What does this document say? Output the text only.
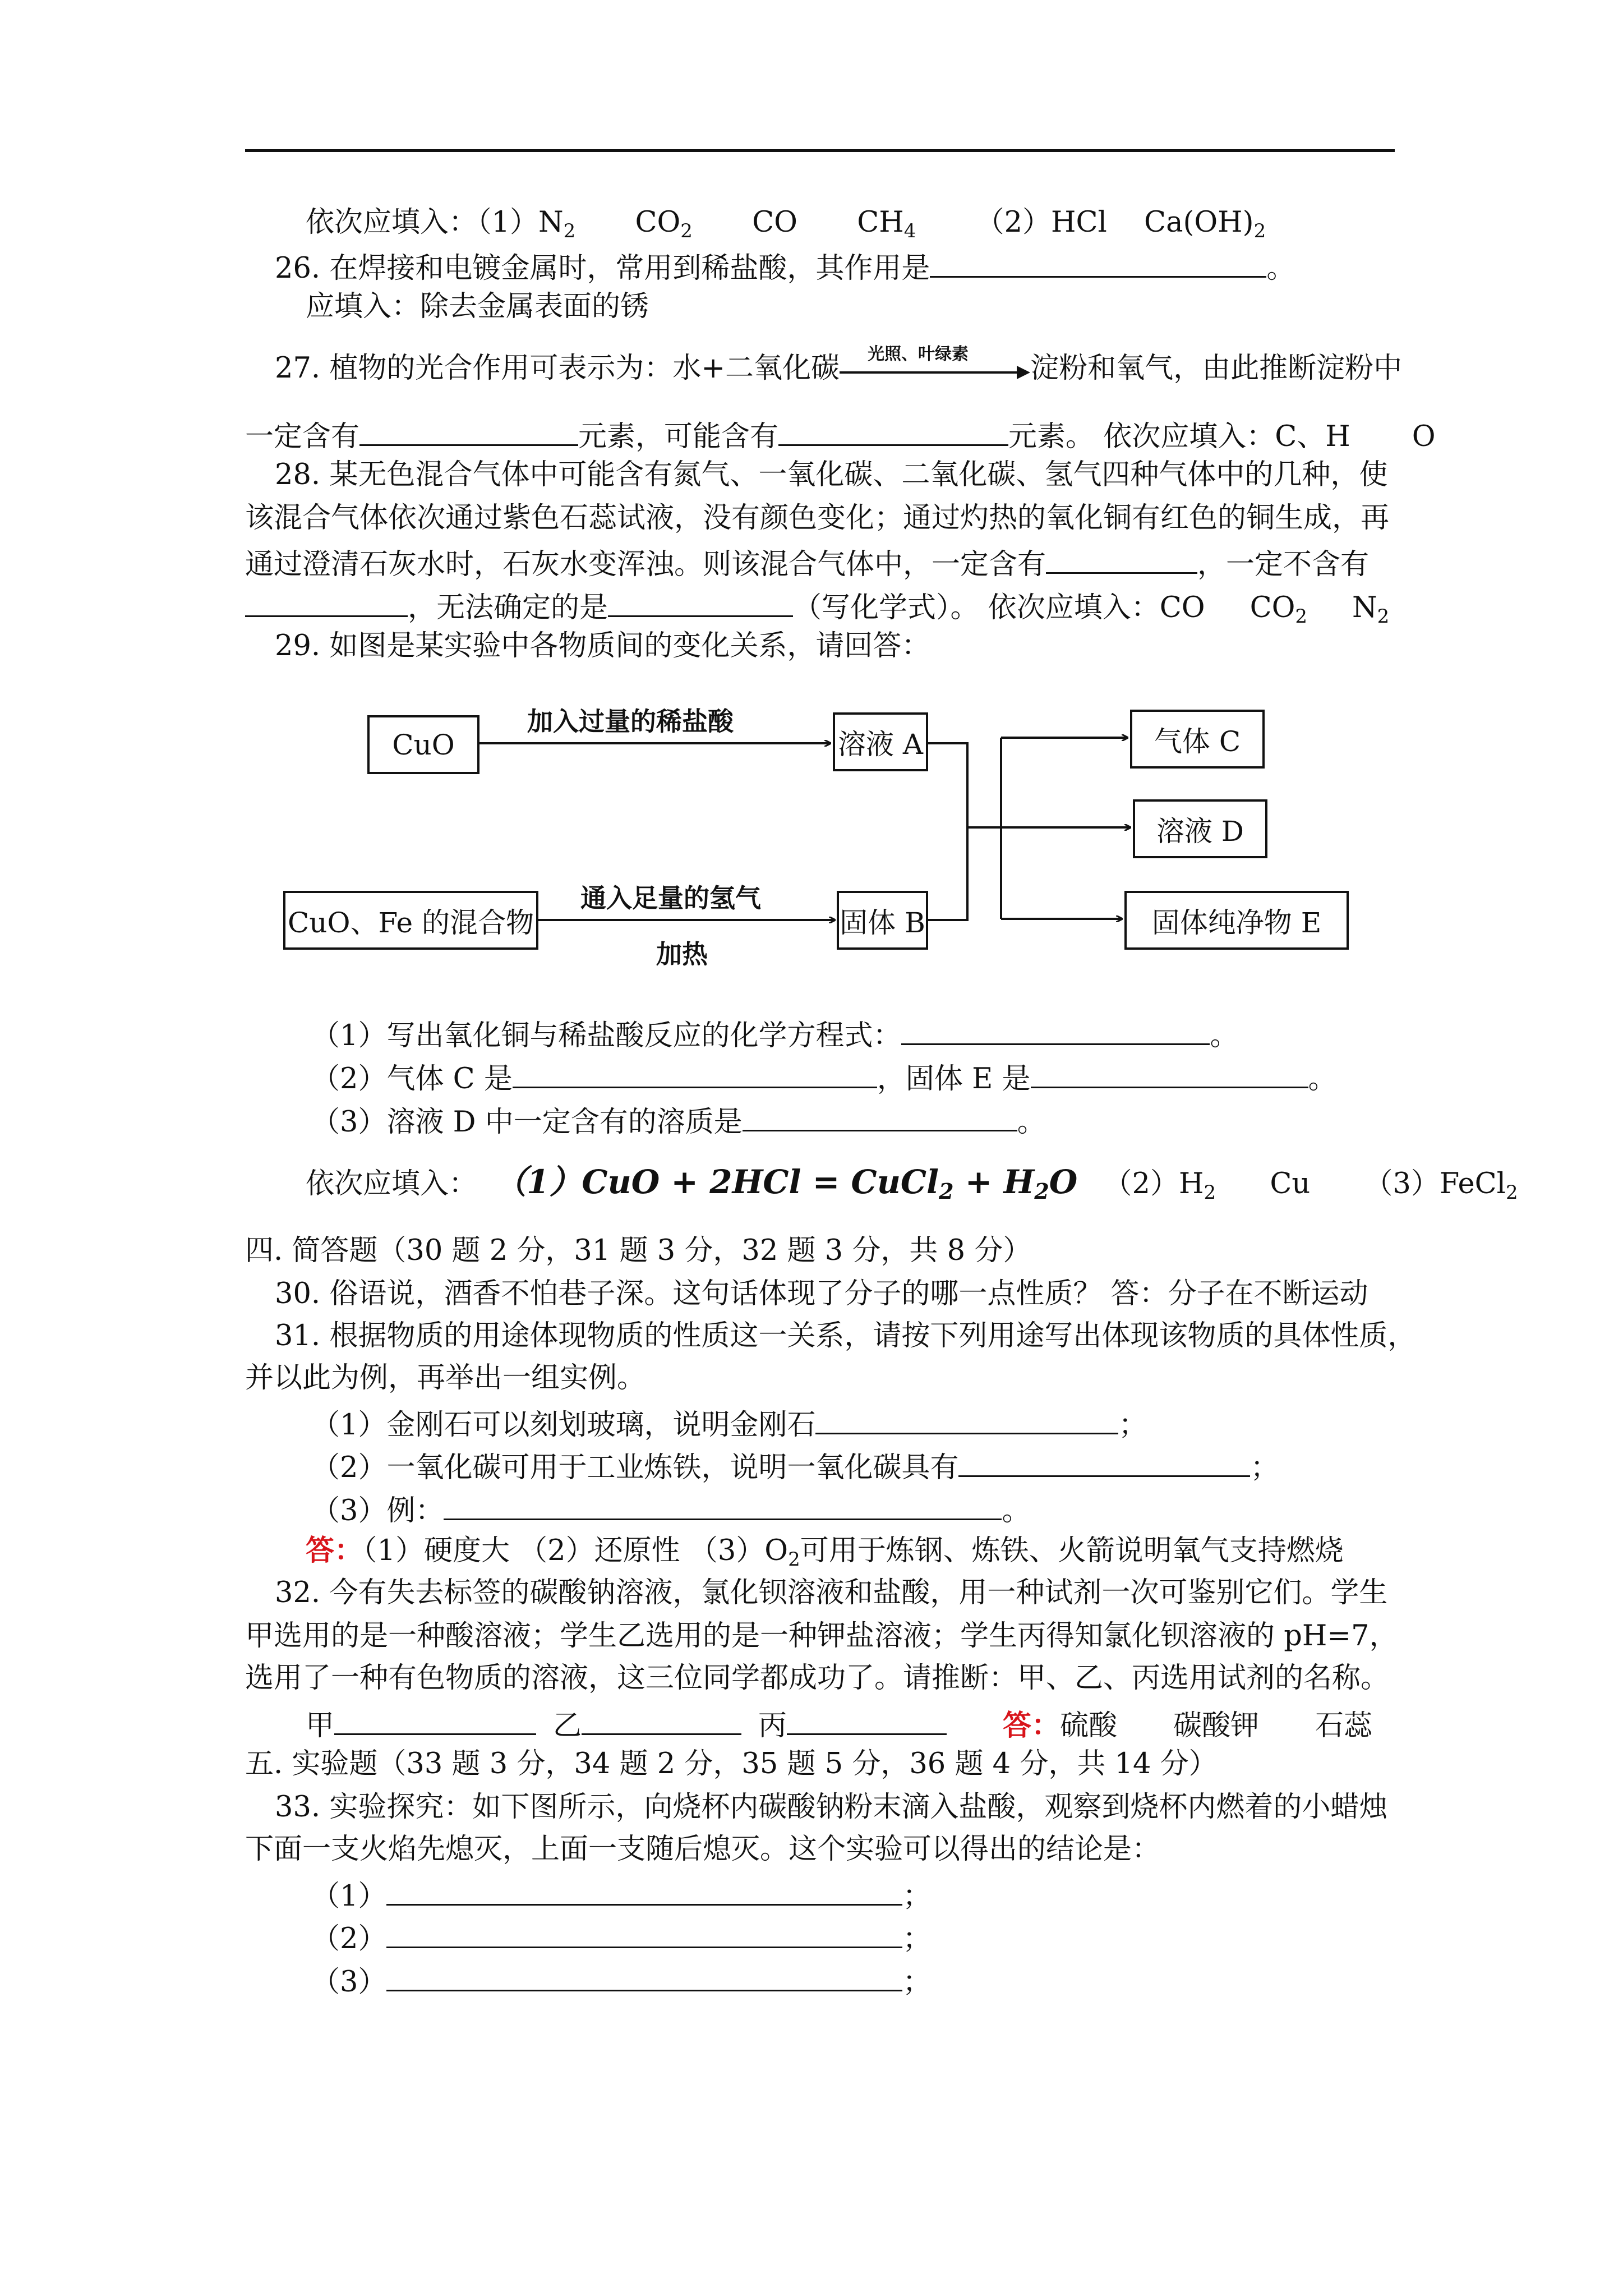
依次应填入：$(1)N_2$ $CO_2$ CO $CH_4$ （2）HCl $Ca(OH)_2$
26. 在焊接和电镀金属时，常用到稀盐酸，其作用是	。
应填入：除去金属表面的锈
27. 植物的光合作用可表示为：水+二氧化碳 光照、叶绿素 淀粉和氧气，由此推断淀粉中
一定含有	元素，可能含有	元素。 依次应填入：C、H O
28. 某无色混合气体中可能含有氮气、一氧化碳、二氧化碳、氢气四种气体中的几种，使
该混合气体依次通过紫色石蕊试液，没有颜色变化；通过灼热的氧化铜有红色的铜生成，再
通过澄清石灰水时，石灰水变浑浊。则该混合气体中，一定含有	，一定不含有
，无法确定的是	（写化学式）。 依次应填入：CO $CO_2$ $N_2$
29. 如图是某实验中各物质间的变化关系，请回答：
CuO	溶液 A	气体 C
溶液 D
CuO、Fe 的混合物	固体 B	固体纯净物 E
加入过量的稀盐酸
通入足量的氢气
加热
（1）写出氧化铜与稀盐酸反应的化学方程式：	。
（2）气体 C 是	，固体 E 是	。
（3）溶液 D 中一定含有的溶质是	。
依次应填入： （1）CuO + 2HCl = CuCl$_2$ + $H_2O$ $(2)H_2$ Cu （3）FeCl$_2$
四. 简答题（30 题 2 分，31 题 3 分，32 题 3 分，共 8 分）
30. 俗语说，酒香不怕巷子深。这句话体现了分子的哪一点性质？ 答：分子在不断运动
31. 根据物质的用途体现物质的性质这一关系，请按下列用途写出体现该物质的具体性质，
并以此为例，再举出一组实例。
（1）金刚石可以刻划玻璃，说明金刚石	；
（2）一氧化碳可用于工业炼铁，说明一氧化碳具有	；
（3）例：	。
答：（1）硬度大 （2）还原性 $(3)O_2$可用于炼钢、炼铁、火箭说明氧气支持燃烧
32. 今有失去标签的碳酸钠溶液，氯化钡溶液和盐酸，用一种试剂一次可鉴别它们。学生
甲选用的是一种酸溶液；学生乙选用的是一种钾盐溶液；学生丙得知氯化钡溶液的 pH=7，
选用了一种有色物质的溶液，这三位同学都成功了。请推断：甲、乙、丙选用试剂的名称。
甲	乙	丙	答：硫酸 碳酸钾 石蕊
五. 实验题（33 题 3 分，34 题 2 分，35 题 5 分，36 题 4 分，共 14 分）
33. 实验探究：如下图所示，向烧杯内碳酸钠粉末滴入盐酸，观察到烧杯内燃着的小蜡烛
下面一支火焰先熄灭，上面一支随后熄灭。这个实验可以得出的结论是：
（1）	；
（2）	；
（3）	；
